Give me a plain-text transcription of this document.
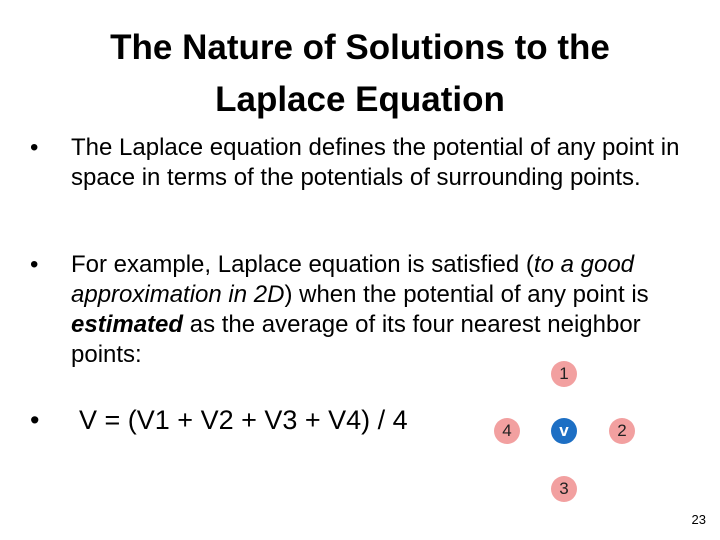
The Nature of Solutions to the
Laplace Equation
• The Laplace equation defines the potential of any point in space in terms of the potentials of surrounding points.
• For example, Laplace equation is satisfied (to a good approximation in 2D) when the potential of any point is estimated as the average of its four nearest neighbor points:
• V = (V1 + V2 + V3 + V4) / 4
1
4	v	2
3
23
